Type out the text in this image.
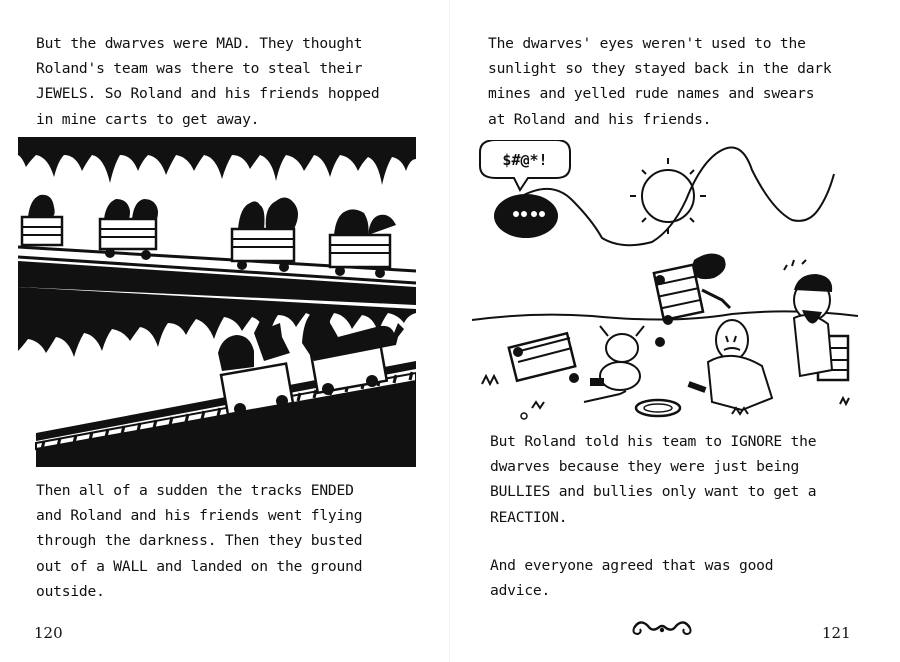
But the dwarves were MAD. They thought
Roland's team was there to steal their
JEWELS. So Roland and his friends hopped
in mine carts to get away.
Then all of a sudden the tracks ENDED
and Roland and his friends went flying
through the darkness. Then they busted
out of a WALL and landed on the ground
outside.
120
The dwarves' eyes weren't used to the
sunlight so they stayed back in the dark
mines and yelled rude names and swears
at Roland and his friends.
$#@*!
But Roland told his team to IGNORE the
dwarves because they were just being
BULLIES and bullies only want to get a
REACTION.
And everyone agreed that was good
advice.
121
